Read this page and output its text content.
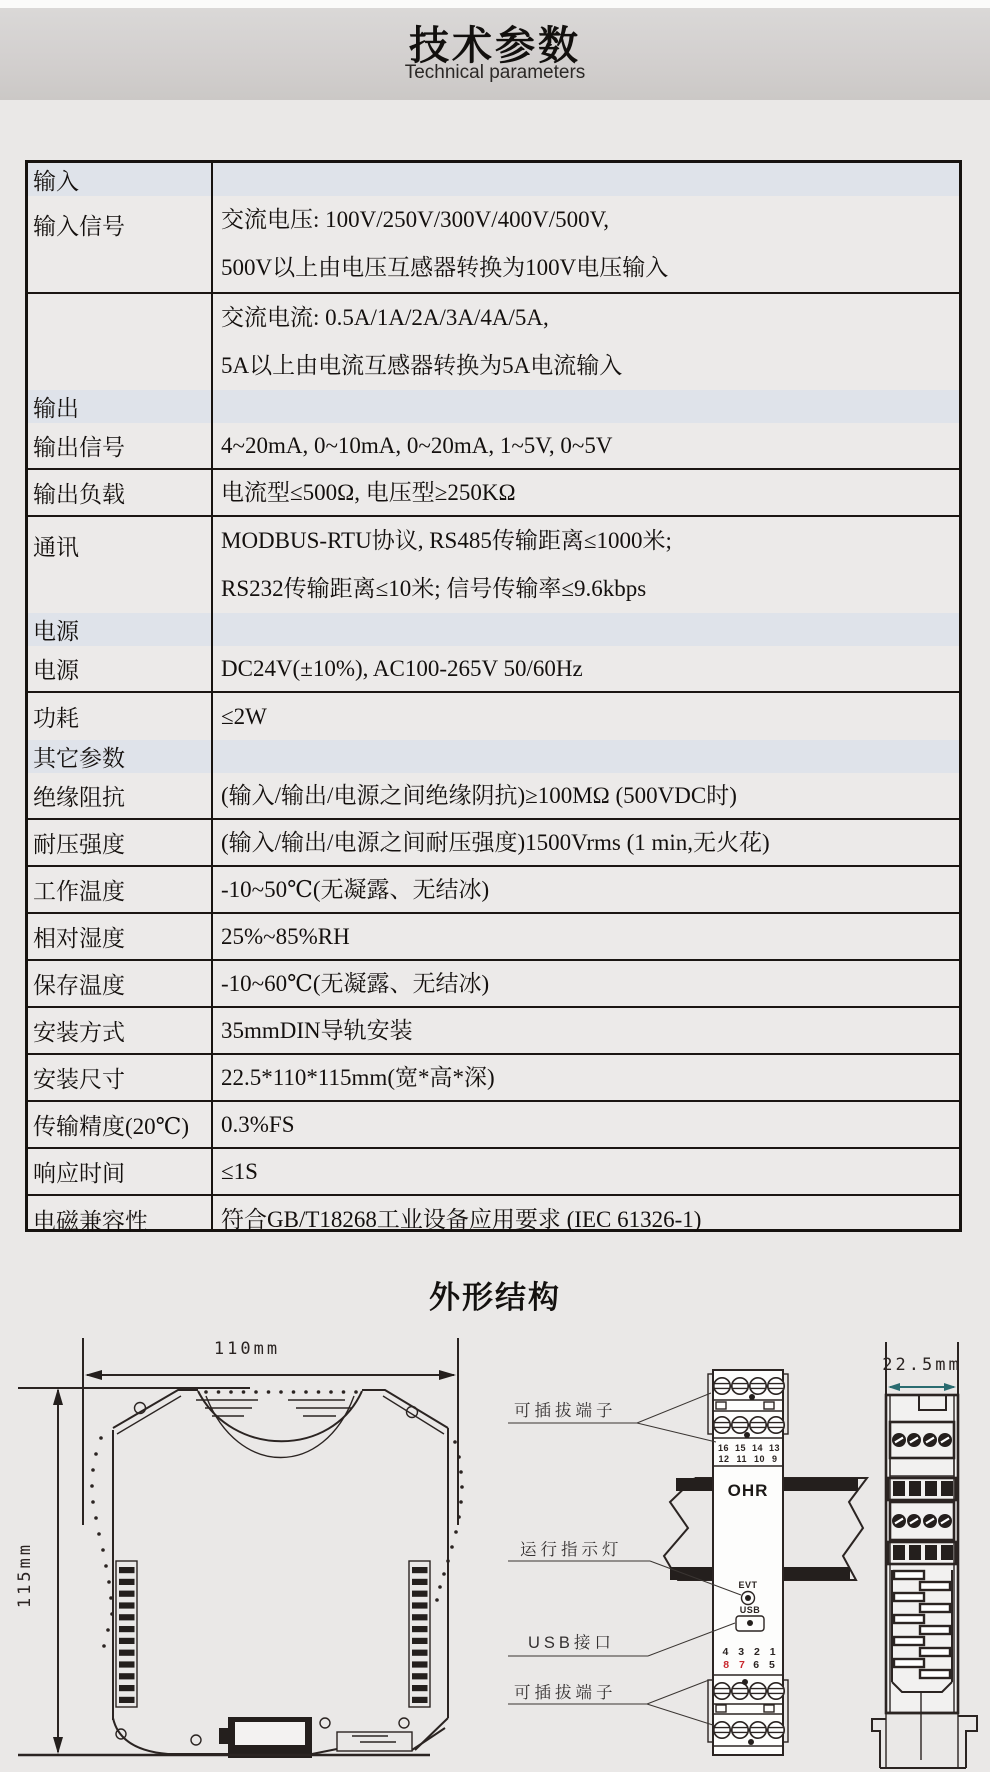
技术参数
Technical parameters
输入
输入信号	交流电压: 100V/250V/300V/400V/500V,
500V以上由电压互感器转换为100V电压输入
交流电流: 0.5A/1A/2A/3A/4A/5A,
5A以上由电流互感器转换为5A电流输入
输出
输出信号	4~20mA, 0~10mA, 0~20mA, 1~5V, 0~5V
输出负载	电流型≤500Ω, 电压型≥250KΩ
通讯	MODBUS-RTU协议, RS485传输距离≤1000米;
RS232传输距离≤10米; 信号传输率≤9.6kbps
电源
电源	DC24V(±10%), AC100-265V 50/60Hz
功耗	≤2W
其它参数
绝缘阻抗	(输入/输出/电源之间绝缘阴抗)≥100MΩ (500VDC时)
耐压强度	(输入/输出/电源之间耐压强度)1500Vrms (1 min,无火花)
工作温度	-10~50℃(无凝露、无结冰)
相对湿度	25%~85%RH
保存温度	-10~60℃(无凝露、无结冰)
安装方式	35mmDIN导轨安装
安装尺寸	22.5*110*115mm(宽*高*深)
传输精度(20℃)	0.3%FS
响应时间	≤1S
电磁兼容性	符合GB/T18268工业设备应用要求 (IEC 61326-1)
外形结构
110mm
115mm
16 15 14 13
12 11 10 9
OHR
EVT
USB
4 3 2 1
8 7 6 5
可插拔端子
运行指示灯
USB接口
可插拔端子
22.5mm
